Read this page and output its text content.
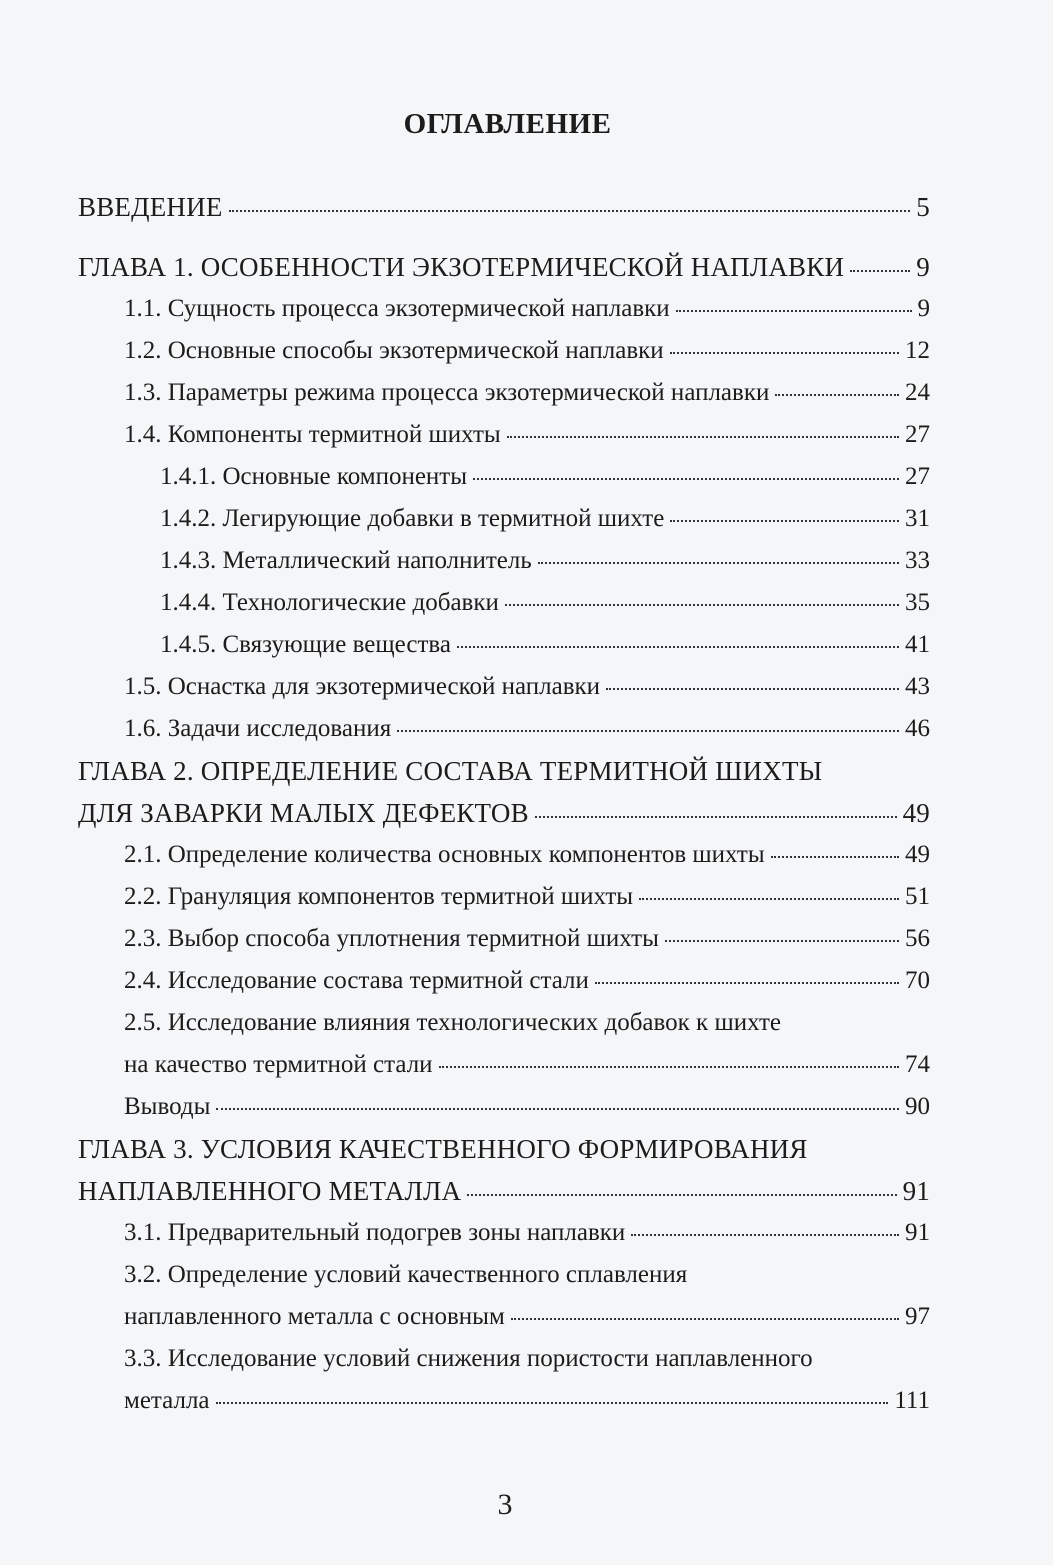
ОГЛАВЛЕНИЕ
ВВЕДЕНИЕ	5
ГЛАВА 1. ОСОБЕННОСТИ ЭКЗОТЕРМИЧЕСКОЙ НАПЛАВКИ	9
1.1. Сущность процесса экзотермической наплавки	9
1.2. Основные способы экзотермической наплавки	12
1.3. Параметры режима процесса экзотермической наплавки	24
1.4. Компоненты термитной шихты	27
1.4.1. Основные компоненты	27
1.4.2. Легирующие добавки в термитной шихте	31
1.4.3. Металлический наполнитель	33
1.4.4. Технологические добавки	35
1.4.5. Связующие вещества	41
1.5. Оснастка для экзотермической наплавки	43
1.6. Задачи исследования	46
ГЛАВА 2. ОПРЕДЕЛЕНИЕ СОСТАВА ТЕРМИТНОЙ ШИХТЫ
ДЛЯ ЗАВАРКИ МАЛЫХ ДЕФЕКТОВ	49
2.1. Определение количества основных компонентов шихты	49
2.2. Грануляция компонентов термитной шихты	51
2.3. Выбор способа уплотнения термитной шихты	56
2.4. Исследование состава термитной стали	70
2.5. Исследование влияния технологических добавок к шихте
на качество термитной стали	74
Выводы	90
ГЛАВА 3. УСЛОВИЯ КАЧЕСТВЕННОГО ФОРМИРОВАНИЯ
НАПЛАВЛЕННОГО МЕТАЛЛА	91
3.1. Предварительный подогрев зоны наплавки	91
3.2. Определение условий качественного сплавления
наплавленного металла с основным	97
3.3. Исследование условий снижения пористости наплавленного
металла	111
3
